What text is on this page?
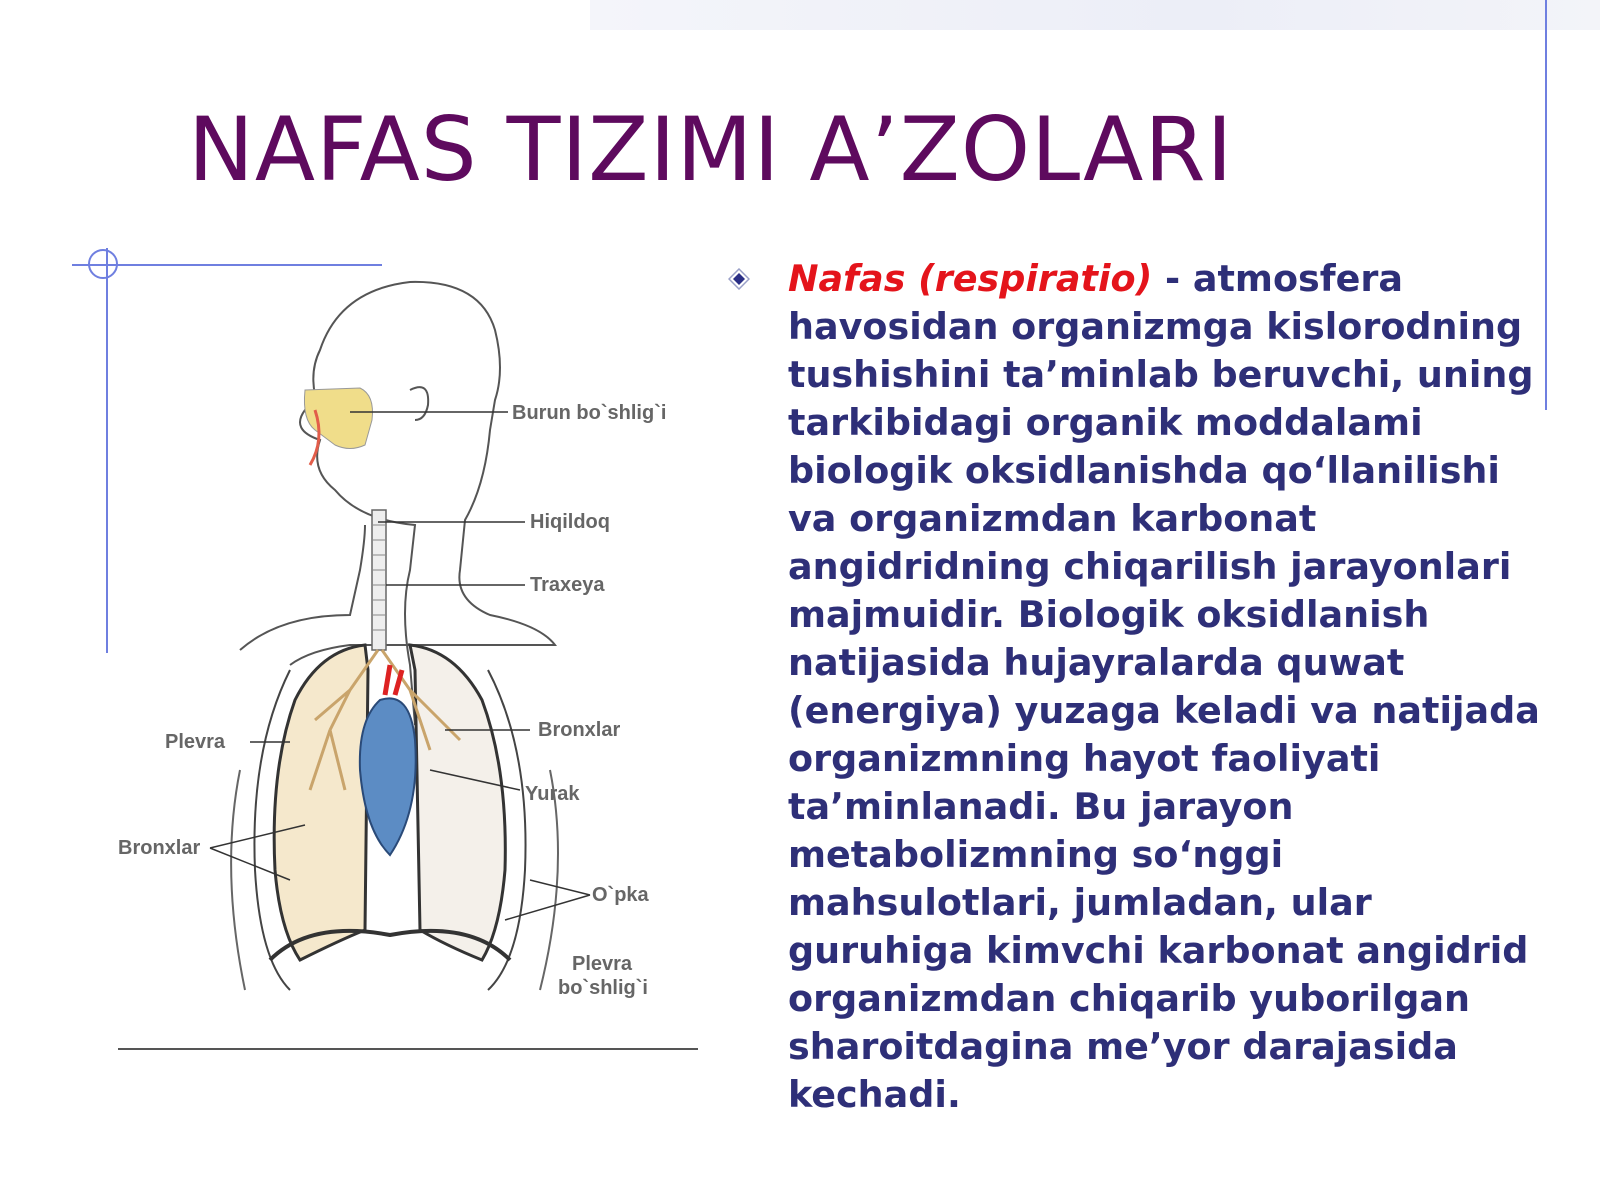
NAFAS TIZIMI A’ZOLARI
Burun bo`shlig`i
Hiqildoq
Traxeya
Bronxlar
Plevra
Yurak
Bronxlar
O`pka
Plevra
bo`shlig`i

Nafas (respiratio) - atmosfera havosidan organizmga kislorodning tushishini ta’minlab beruvchi, uning tarkibidagi organik moddalami biologik oksidlanishda qo‘llanilishi va organizmdan karbonat angidridning chiqarilish jarayonlari majmuidir. Biologik oksidlanish natijasida hujayralarda quwat (energiya) yuzaga keladi va natijada organizmning hayot faoliyati ta’minlanadi. Bu jarayon metabolizmning so‘nggi mahsulotlari, jumladan, ular guruhiga kimvchi karbonat angidrid organizmdan chiqarib yuborilgan sharoitdagina me’yor darajasida kechadi.
